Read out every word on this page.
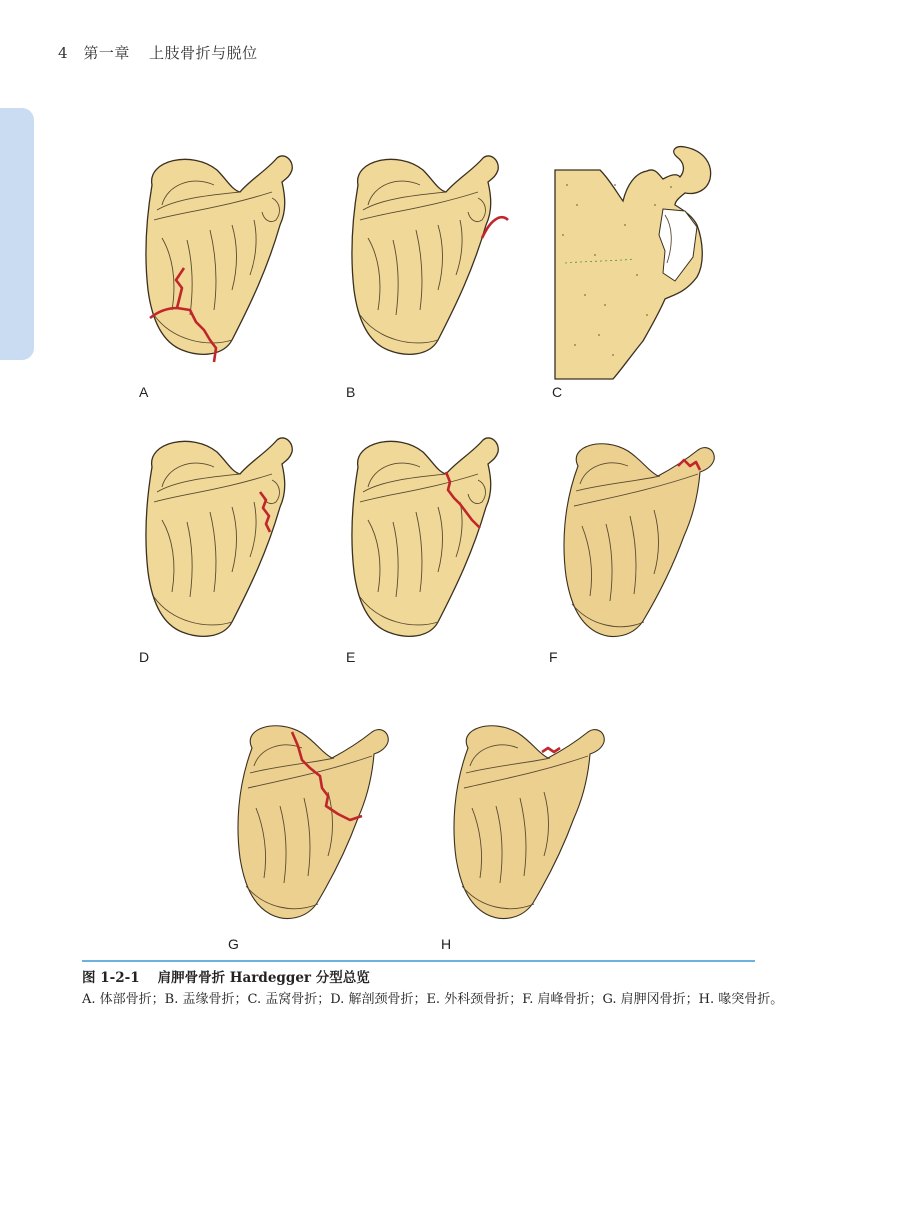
4 第一章 上肢骨折与脱位
A	B	C
D	E	F
G	H
图 1-2-1 肩胛骨骨折 Hardegger 分型总览
A. 体部骨折；B. 盂缘骨折；C. 盂窝骨折；D. 解剖颈骨折；E. 外科颈骨折；F. 肩峰骨折；G. 肩胛冈骨折；H. 喙突骨折。
